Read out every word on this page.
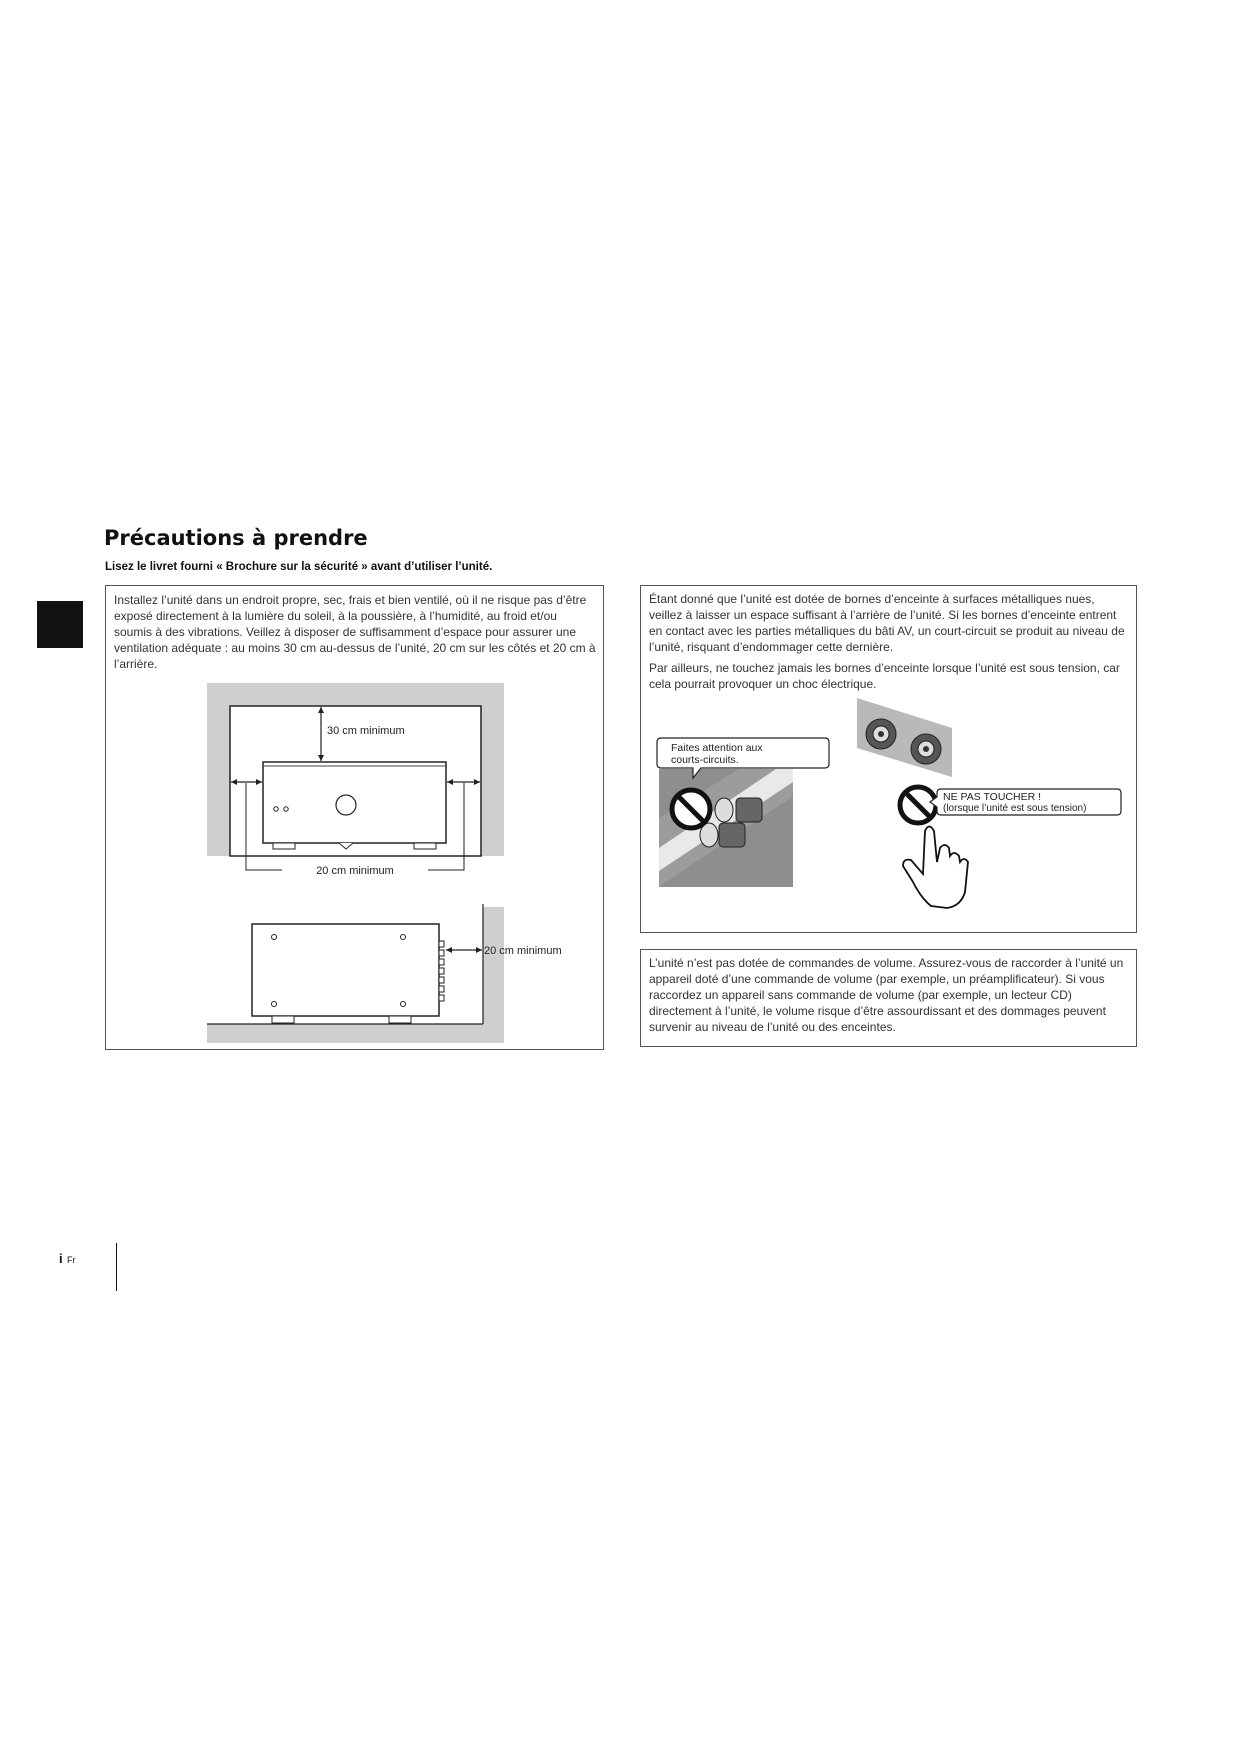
Précautions à prendre
Lisez le livret fourni « Brochure sur la sécurité » avant d’utiliser l’unité.

Installez l’unité dans un endroit propre, sec, frais et bien ventilé, où il ne risque pas d’être exposé directement à la lumière du soleil, à la poussière, à l’humidité, au froid et/ou soumis à des vibrations. Veillez à disposer de suffisamment d’espace pour assurer une ventilation adéquate : au moins 30 cm au-dessus de l’unité, 20 cm sur les côtés et 20 cm à l’arrière.

30 cm minimum
20 cm minimum
20 cm minimum

Étant donné que l’unité est dotée de bornes d’enceinte à surfaces métalliques nues, veillez à laisser un espace suffisant à l’arrière de l’unité. Si les bornes d’enceinte entrent en contact avec les parties métalliques du bâti AV, un court-circuit se produit au niveau de l’unité, risquant d’endommager cette dernière.

Par ailleurs, ne touchez jamais les bornes d’enceinte lorsque l’unité est sous tension, car cela pourrait provoquer un choc électrique.

Faites attention aux
courts-circuits.
NE PAS TOUCHER !
(lorsque l’unité est sous tension)

L’unité n’est pas dotée de commandes de volume. Assurez-vous de raccorder à l’unité un appareil doté d’une commande de volume (par exemple, un préamplificateur). Si vous raccordez un appareil sans commande de volume (par exemple, un lecteur CD) directement à l’unité, le volume risque d’être assourdissant et des dommages peuvent survenir au niveau de l’unité ou des enceintes.

i Fr
